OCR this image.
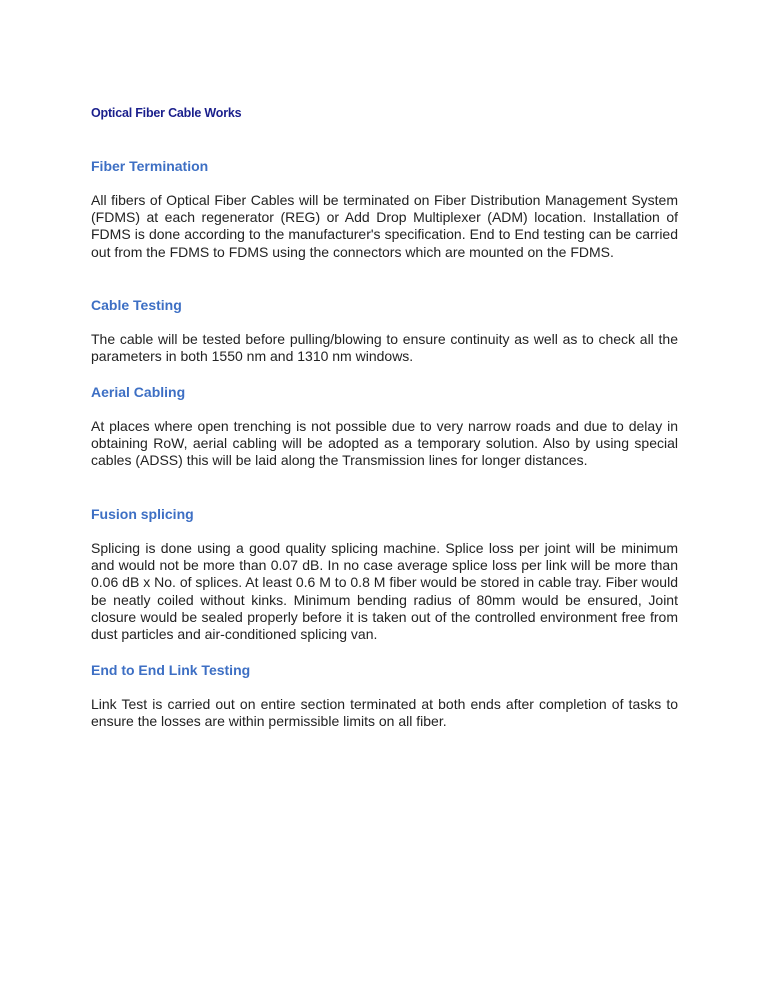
Optical Fiber Cable Works
Fiber Termination

All fibers of Optical Fiber Cables will be terminated on Fiber Distribution Management System (FDMS) at each regenerator (REG) or Add Drop Multiplexer (ADM) location. Installation of FDMS is done according to the manufacturer's specification. End to End testing can be carried out from the FDMS to FDMS using the connectors which are mounted on the FDMS.

Cable Testing

The cable will be tested before pulling/blowing to ensure continuity as well as to check all the parameters in both 1550 nm and 1310 nm windows.

Aerial Cabling

At places where open trenching is not possible due to very narrow roads and due to delay in obtaining RoW, aerial cabling will be adopted as a temporary solution. Also by using special cables (ADSS) this will be laid along the Transmission lines for longer distances.

Fusion splicing

Splicing is done using a good quality splicing machine. Splice loss per joint will be minimum and would not be more than 0.07 dB. In no case average splice loss per link will be more than 0.06 dB x No. of splices. At least 0.6 M to 0.8 M fiber would be stored in cable tray. Fiber would be neatly coiled without kinks. Minimum bending radius of 80mm would be ensured, Joint closure would be sealed properly before it is taken out of the controlled environment free from dust particles and air-conditioned splicing van.

End to End Link Testing

Link Test is carried out on entire section terminated at both ends after completion of tasks to ensure the losses are within permissible limits on all fiber.
